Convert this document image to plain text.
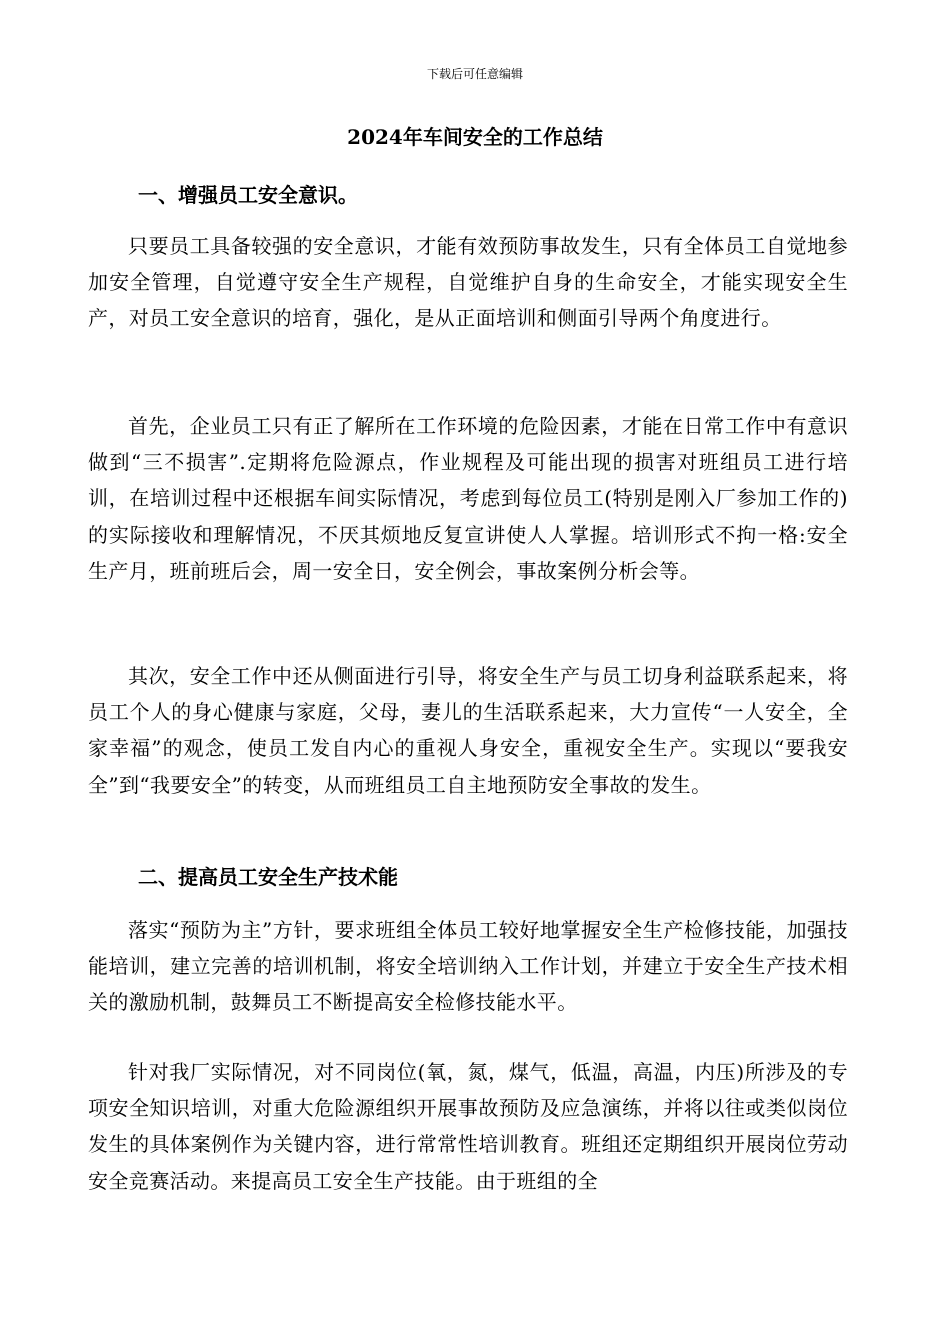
下载后可任意编辑
2024年车间安全的工作总结
一、增强员工安全意识。

只要员工具备较强的安全意识，才能有效预防事故发生，只有全体员工自觉地参加安全管理，自觉遵守安全生产规程，自觉维护自身的生命安全，才能实现安全生产，对员工安全意识的培育，强化，是从正面培训和侧面引导两个角度进行。

首先，企业员工只有正了解所在工作环境的危险因素，才能在日常工作中有意识做到“三不损害”.定期将危险源点，作业规程及可能出现的损害对班组员工进行培训，在培训过程中还根据车间实际情况，考虑到每位员工(特别是刚入厂参加工作的)的实际接收和理解情况，不厌其烦地反复宣讲使人人掌握。培训形式不拘一格:安全生产月，班前班后会，周一安全日，安全例会，事故案例分析会等。

其次，安全工作中还从侧面进行引导，将安全生产与员工切身利益联系起来，将员工个人的身心健康与家庭，父母，妻儿的生活联系起来，大力宣传“一人安全，全家幸福”的观念，使员工发自内心的重视人身安全，重视安全生产。实现以“要我安全”到“我要安全”的转变，从而班组员工自主地预防安全事故的发生。

二、提高员工安全生产技术能

落实“预防为主”方针，要求班组全体员工较好地掌握安全生产检修技能，加强技能培训，建立完善的培训机制，将安全培训纳入工作计划，并建立于安全生产技术相关的激励机制，鼓舞员工不断提高安全检修技能水平。

针对我厂实际情况，对不同岗位(氧，氮，煤气，低温，高温，内压)所涉及的专项安全知识培训，对重大危险源组织开展事故预防及应急演练，并将以往或类似岗位发生的具体案例作为关键内容，进行常常性培训教育。班组还定期组织开展岗位劳动安全竞赛活动。来提高员工安全生产技能。由于班组的全
